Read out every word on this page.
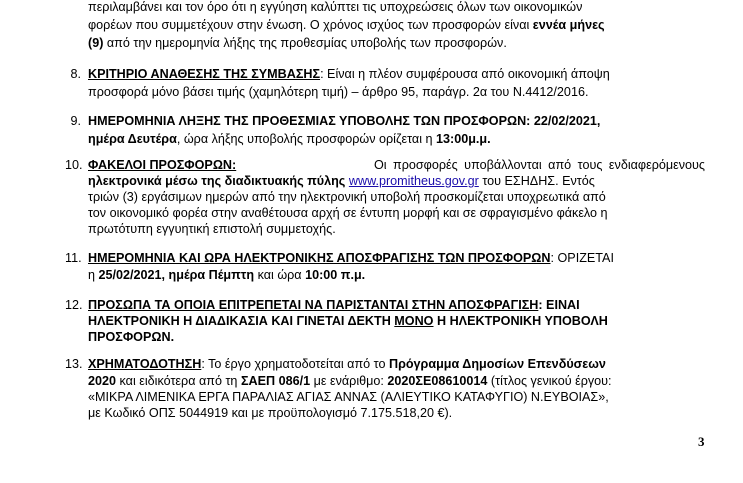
περιλαμβάνει και τον όρο ότι η εγγύηση καλύπτει τις υποχρεώσεις όλων των οικονομικών
φορέων που συμμετέχουν στην ένωση. Ο χρόνος ισχύος των προσφορών είναι εννέα μήνες
(9) από την ημερομηνία λήξης της προθεσμίας υποβολής των προσφορών.
8. ΚΡΙΤΗΡΙΟ ΑΝΑΘΕΣΗΣ ΤΗΣ ΣΥΜΒΑΣΗΣ: Είναι η πλέον συμφέρουσα από οικονομική άποψη
προσφορά μόνο βάσει τιμής (χαμηλότερη τιμή) – άρθρο 95, παράγρ. 2α του Ν.4412/2016.
9. ΗΜΕΡΟΜΗΝΙΑ ΛΗΞΗΣ ΤΗΣ ΠΡΟΘΕΣΜΙΑΣ ΥΠΟΒΟΛΗΣ ΤΩΝ ΠΡΟΣΦΟΡΩΝ: 22/02/2021,
ημέρα Δευτέρα, ώρα λήξης υποβολής προσφορών ορίζεται η 13:00μ.μ.
10. ΦΑΚΕΛΟΙ ΠΡΟΣΦΟΡΩΝ:	Οι προσφορές υποβάλλονται από τους ενδιαφερόμενους
ηλεκτρονικά μέσω της διαδικτυακής πύλης www.promitheus.gov.gr του ΕΣΗΔΗΣ. Εντός
τριών (3) εργάσιμων ημερών από την ηλεκτρονική υποβολή προσκομίζεται υποχρεωτικά από
τον οικονομικό φορέα στην αναθέτουσα αρχή σε έντυπη μορφή και σε σφραγισμένο φάκελο η
πρωτότυπη εγγυητική επιστολή συμμετοχής.
11. ΗΜΕΡΟΜΗΝΙΑ ΚΑΙ ΩΡΑ ΗΛΕΚΤΡΟΝΙΚΗΣ ΑΠΟΣΦΡΑΓΙΣΗΣ ΤΩΝ ΠΡΟΣΦΟΡΩΝ: ΟΡΙΖΕΤΑΙ
η 25/02/2021, ημέρα Πέμπτη και ώρα 10:00 π.μ.
12. ΠΡΟΣΩΠΑ ΤΑ ΟΠΟΙΑ ΕΠΙΤΡΕΠΕΤΑΙ ΝΑ ΠΑΡΙΣΤΑΝΤΑΙ ΣΤΗΝ ΑΠΟΣΦΡΑΓΙΣΗ: ΕΙΝΑΙ
ΗΛΕΚΤΡΟΝΙΚΗ Η ΔΙΑΔΙΚΑΣΙΑ ΚΑΙ ΓΙΝΕΤΑΙ ΔΕΚΤΗ ΜΟΝΟ Η ΗΛΕΚΤΡΟΝΙΚΗ ΥΠΟΒΟΛΗ
ΠΡΟΣΦΟΡΩΝ.
13. ΧΡΗΜΑΤΟΔΟΤΗΣΗ: Το έργο χρηματοδοτείται από το Πρόγραμμα Δημοσίων Επενδύσεων
2020 και ειδικότερα από τη ΣΑΕΠ 086/1 με ενάριθμο: 2020ΣΕ08610014 (τίτλος γενικού έργου:
«ΜΙΚΡΑ ΛΙΜΕΝΙΚΑ ΕΡΓΑ ΠΑΡΑΛΙΑΣ ΑΓΙΑΣ ΑΝΝΑΣ (ΑΛΙΕΥΤΙΚΟ ΚΑΤΑΦΥΓΙΟ) Ν.ΕΥΒΟΙΑΣ»,
με Κωδικό ΟΠΣ 5044919 και με προϋπολογισμό 7.175.518,20 €).
3
